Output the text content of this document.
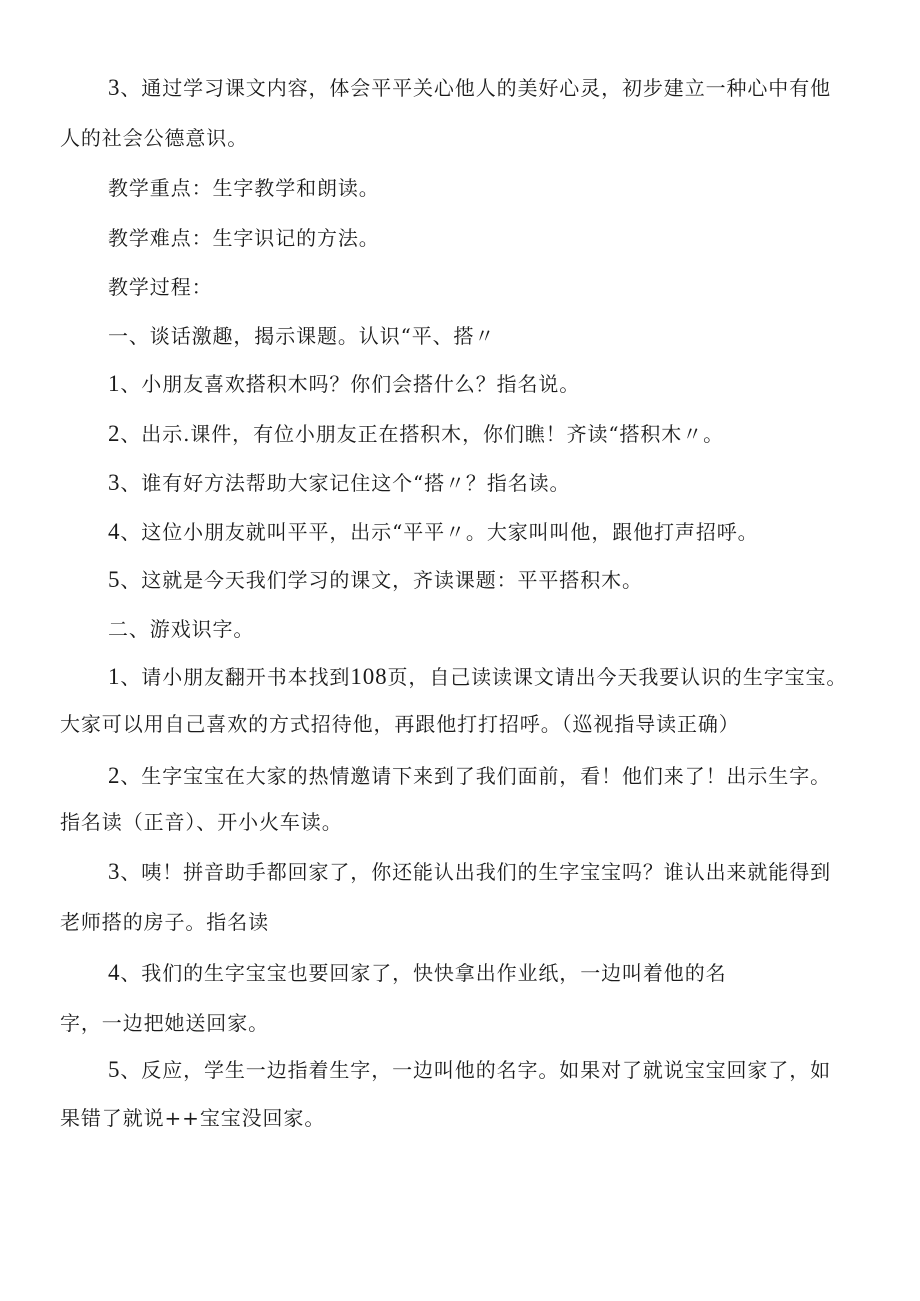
3、通过学习课文内容，体会平平关心他人的美好心灵，初步建立一种心中有他
人的社会公德意识。
教学重点：生字教学和朗读。
教学难点：生字识记的方法。
教学过程：
一、谈话激趣，揭示课题。认识“平、搭〃
1、小朋友喜欢搭积木吗？你们会搭什么？指名说。
2、出示.课件，有位小朋友正在搭积木，你们瞧！齐读“搭积木〃。
3、谁有好方法帮助大家记住这个“搭〃？指名读。
4、这位小朋友就叫平平，出示“平平〃。大家叫叫他，跟他打声招呼。
5、这就是今天我们学习的课文，齐读课题：平平搭积木。
二、游戏识字。
1、请小朋友翻开书本找到108页，自己读读课文请出今天我要认识的生字宝宝。
大家可以用自己喜欢的方式招待他，再跟他打打招呼。（巡视指导读正确）
2、生字宝宝在大家的热情邀请下来到了我们面前，看！他们来了！出示生字。
指名读（正音）、开小火车读。
3、咦！拼音助手都回家了，你还能认出我们的生字宝宝吗？谁认出来就能得到
老师搭的房子。指名读
4、我们的生字宝宝也要回家了，快快拿出作业纸，一边叫着他的名
字，一边把她送回家。
5、反应，学生一边指着生字，一边叫他的名字。如果对了就说宝宝回家了，如
果错了就说++宝宝没回家。
